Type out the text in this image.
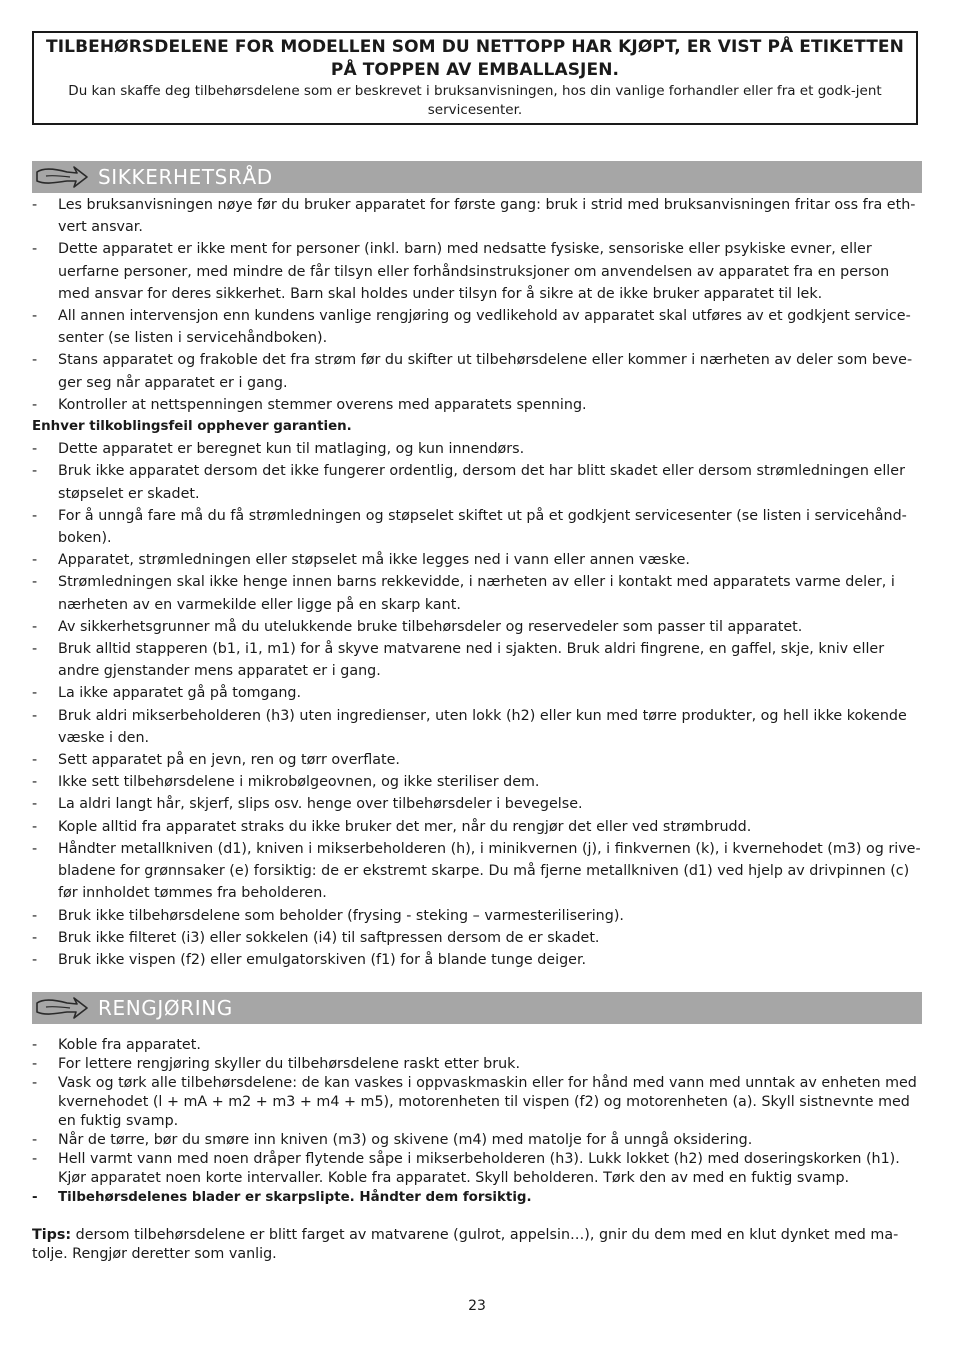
TILBEHØRSDELENE FOR MODELLEN SOM DU NETTOPP HAR KJØPT, ER VIST PÅ ETIKETTEN PÅ TOPPEN AV EMBALLASJEN.
Du kan skaffe deg tilbehørsdelene som er beskrevet i bruksanvisningen, hos din vanlige forhandler eller fra et godk-jent servicesenter.
SIKKERHETSRÅD
- Les bruksanvisningen nøye før du bruker apparatet for første gang: bruk i strid med bruksanvisningen fritar oss fra eth-vert ansvar.
- Dette apparatet er ikke ment for personer (inkl. barn) med nedsatte fysiske, sensoriske eller psykiske evner, eller uerfarne personer, med mindre de får tilsyn eller forhåndsinstruksjoner om anvendelsen av apparatet fra en person med ansvar for deres sikkerhet. Barn skal holdes under tilsyn for å sikre at de ikke bruker apparatet til lek.
- All annen intervensjon enn kundens vanlige rengjøring og vedlikehold av apparatet skal utføres av et godkjent service-senter (se listen i servicehåndboken).
- Stans apparatet og frakoble det fra strøm før du skifter ut tilbehørsdelene eller kommer i nærheten av deler som beve-ger seg når apparatet er i gang.
- Kontroller at nettspenningen stemmer overens med apparatets spenning.
Enhver tilkoblingsfeil opphever garantien.
- Dette apparatet er beregnet kun til matlaging, og kun innendørs.
- Bruk ikke apparatet dersom det ikke fungerer ordentlig, dersom det har blitt skadet eller dersom strømledningen eller støpselet er skadet.
- For å unngå fare må du få strømledningen og støpselet skiftet ut på et godkjent servicesenter (se listen i servicehånd-boken).
- Apparatet, strømledningen eller støpselet må ikke legges ned i vann eller annen væske.
- Strømledningen skal ikke henge innen barns rekkevidde, i nærheten av eller i kontakt med apparatets varme deler, i nærheten av en varmekilde eller ligge på en skarp kant.
- Av sikkerhetsgrunner må du utelukkende bruke tilbehørsdeler og reservedeler som passer til apparatet.
- Bruk alltid stapperen (b1, i1, m1) for å skyve matvarene ned i sjakten. Bruk aldri fingrene, en gaffel, skje, kniv eller andre gjenstander mens apparatet er i gang.
- La ikke apparatet gå på tomgang.
- Bruk aldri mikserbeholderen (h3) uten ingredienser, uten lokk (h2) eller kun med tørre produkter, og hell ikke kokende væske i den.
- Sett apparatet på en jevn, ren og tørr overflate.
- Ikke sett tilbehørsdelene i mikrobølgeovnen, og ikke steriliser dem.
- La aldri langt hår, skjerf, slips osv. henge over tilbehørsdeler i bevegelse.
- Kople alltid fra apparatet straks du ikke bruker det mer, når du rengjør det eller ved strømbrudd.
- Håndter metallkniven (d1), kniven i mikserbeholderen (h), i minikvernen (j), i finkvernen (k), i kvernehodet (m3) og rive-bladene for grønnsaker (e) forsiktig: de er ekstremt skarpe. Du må fjerne metallkniven (d1) ved hjelp av drivpinnen (c) før innholdet tømmes fra beholderen.
- Bruk ikke tilbehørsdelene som beholder (frysing - steking – varmesterilisering).
- Bruk ikke filteret (i3) eller sokkelen (i4) til saftpressen dersom de er skadet.
- Bruk ikke vispen (f2) eller emulgatorskiven (f1) for å blande tunge deiger.
RENGJØRING
- Koble fra apparatet.
- For lettere rengjøring skyller du tilbehørsdelene raskt etter bruk.
- Vask og tørk alle tilbehørsdelene: de kan vaskes i oppvaskmaskin eller for hånd med vann med unntak av enheten med kvernehodet (l + mA + m2 + m3 + m4 + m5), motorenheten til vispen (f2) og motorenheten (a). Skyll sistnevnte med en fuktig svamp.
- Når de tørre, bør du smøre inn kniven (m3) og skivene (m4) med matolje for å unngå oksidering.
- Hell varmt vann med noen dråper flytende såpe i mikserbeholderen (h3). Lukk lokket (h2) med doseringskorken (h1). Kjør apparatet noen korte intervaller. Koble fra apparatet. Skyll beholderen. Tørk den av med en fuktig svamp.
- Tilbehørsdelenes blader er skarpslipte. Håndter dem forsiktig.
Tips: dersom tilbehørsdelene er blitt farget av matvarene (gulrot, appelsin…), gnir du dem med en klut dynket med ma-tolje. Rengjør deretter som vanlig.
23
